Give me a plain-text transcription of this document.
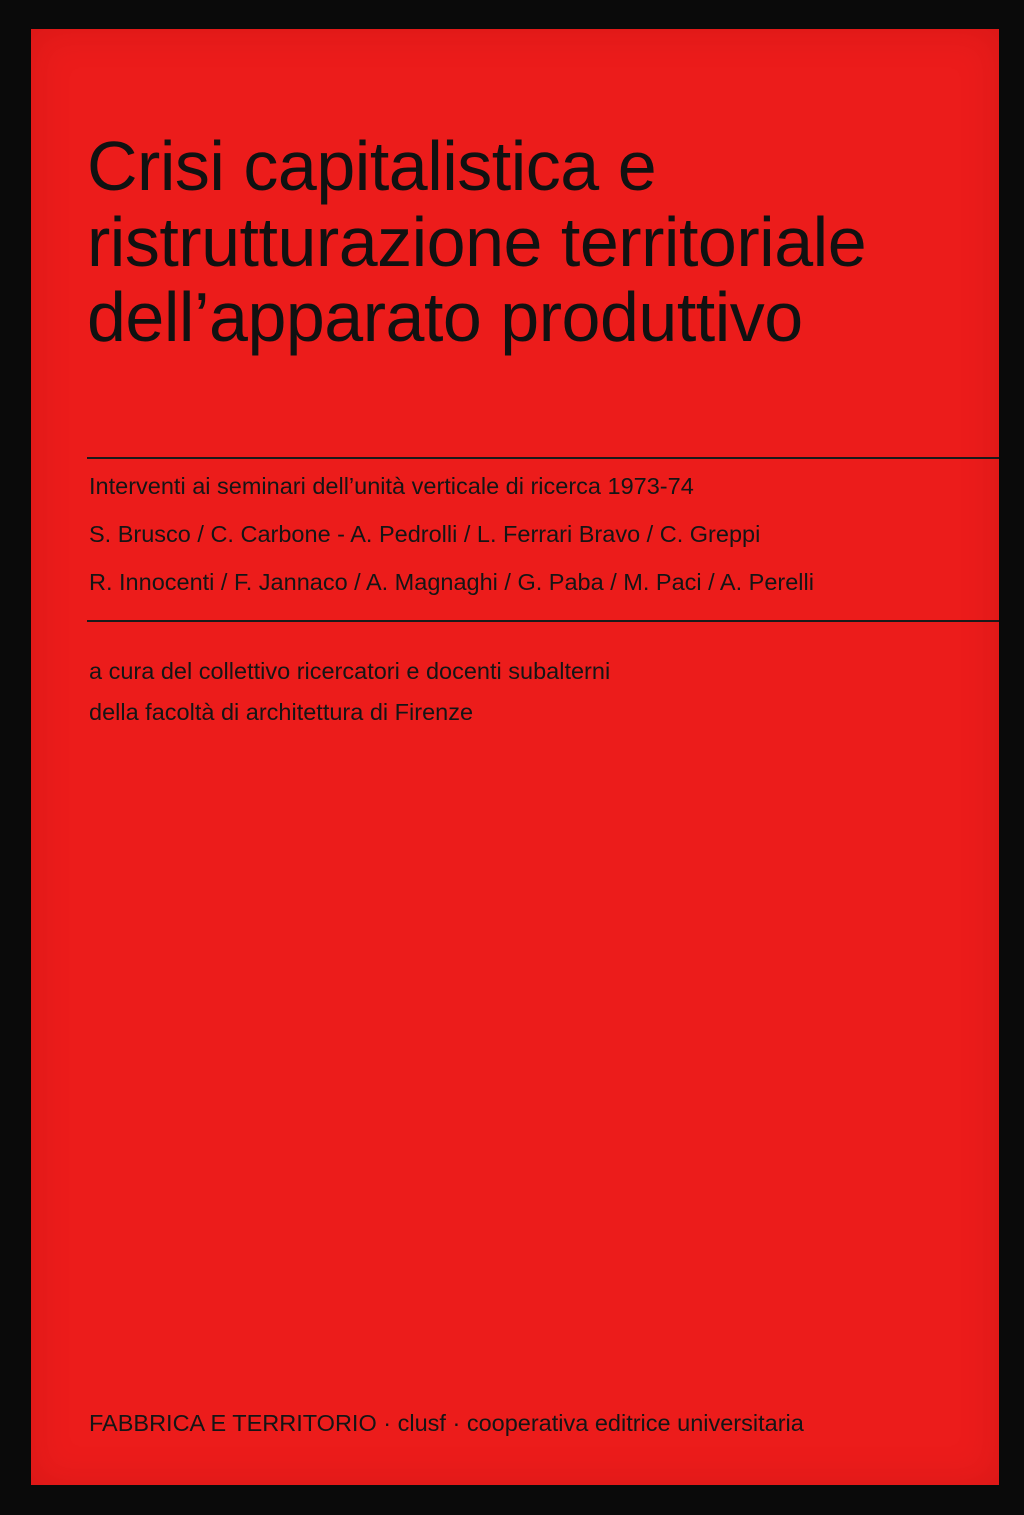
Crisi capitalistica e
ristrutturazione territoriale
dell’apparato produttivo
Interventi ai seminari dell’unità verticale di ricerca 1973-74
S. Brusco / C. Carbone - A. Pedrolli / L. Ferrari Bravo / C. Greppi
R. Innocenti / F. Jannaco / A. Magnaghi / G. Paba / M. Paci / A. Perelli
a cura del collettivo ricercatori e docenti subalterni
della facoltà di architettura di Firenze
FABBRICA E TERRITORIO · clusf · cooperativa editrice universitaria
